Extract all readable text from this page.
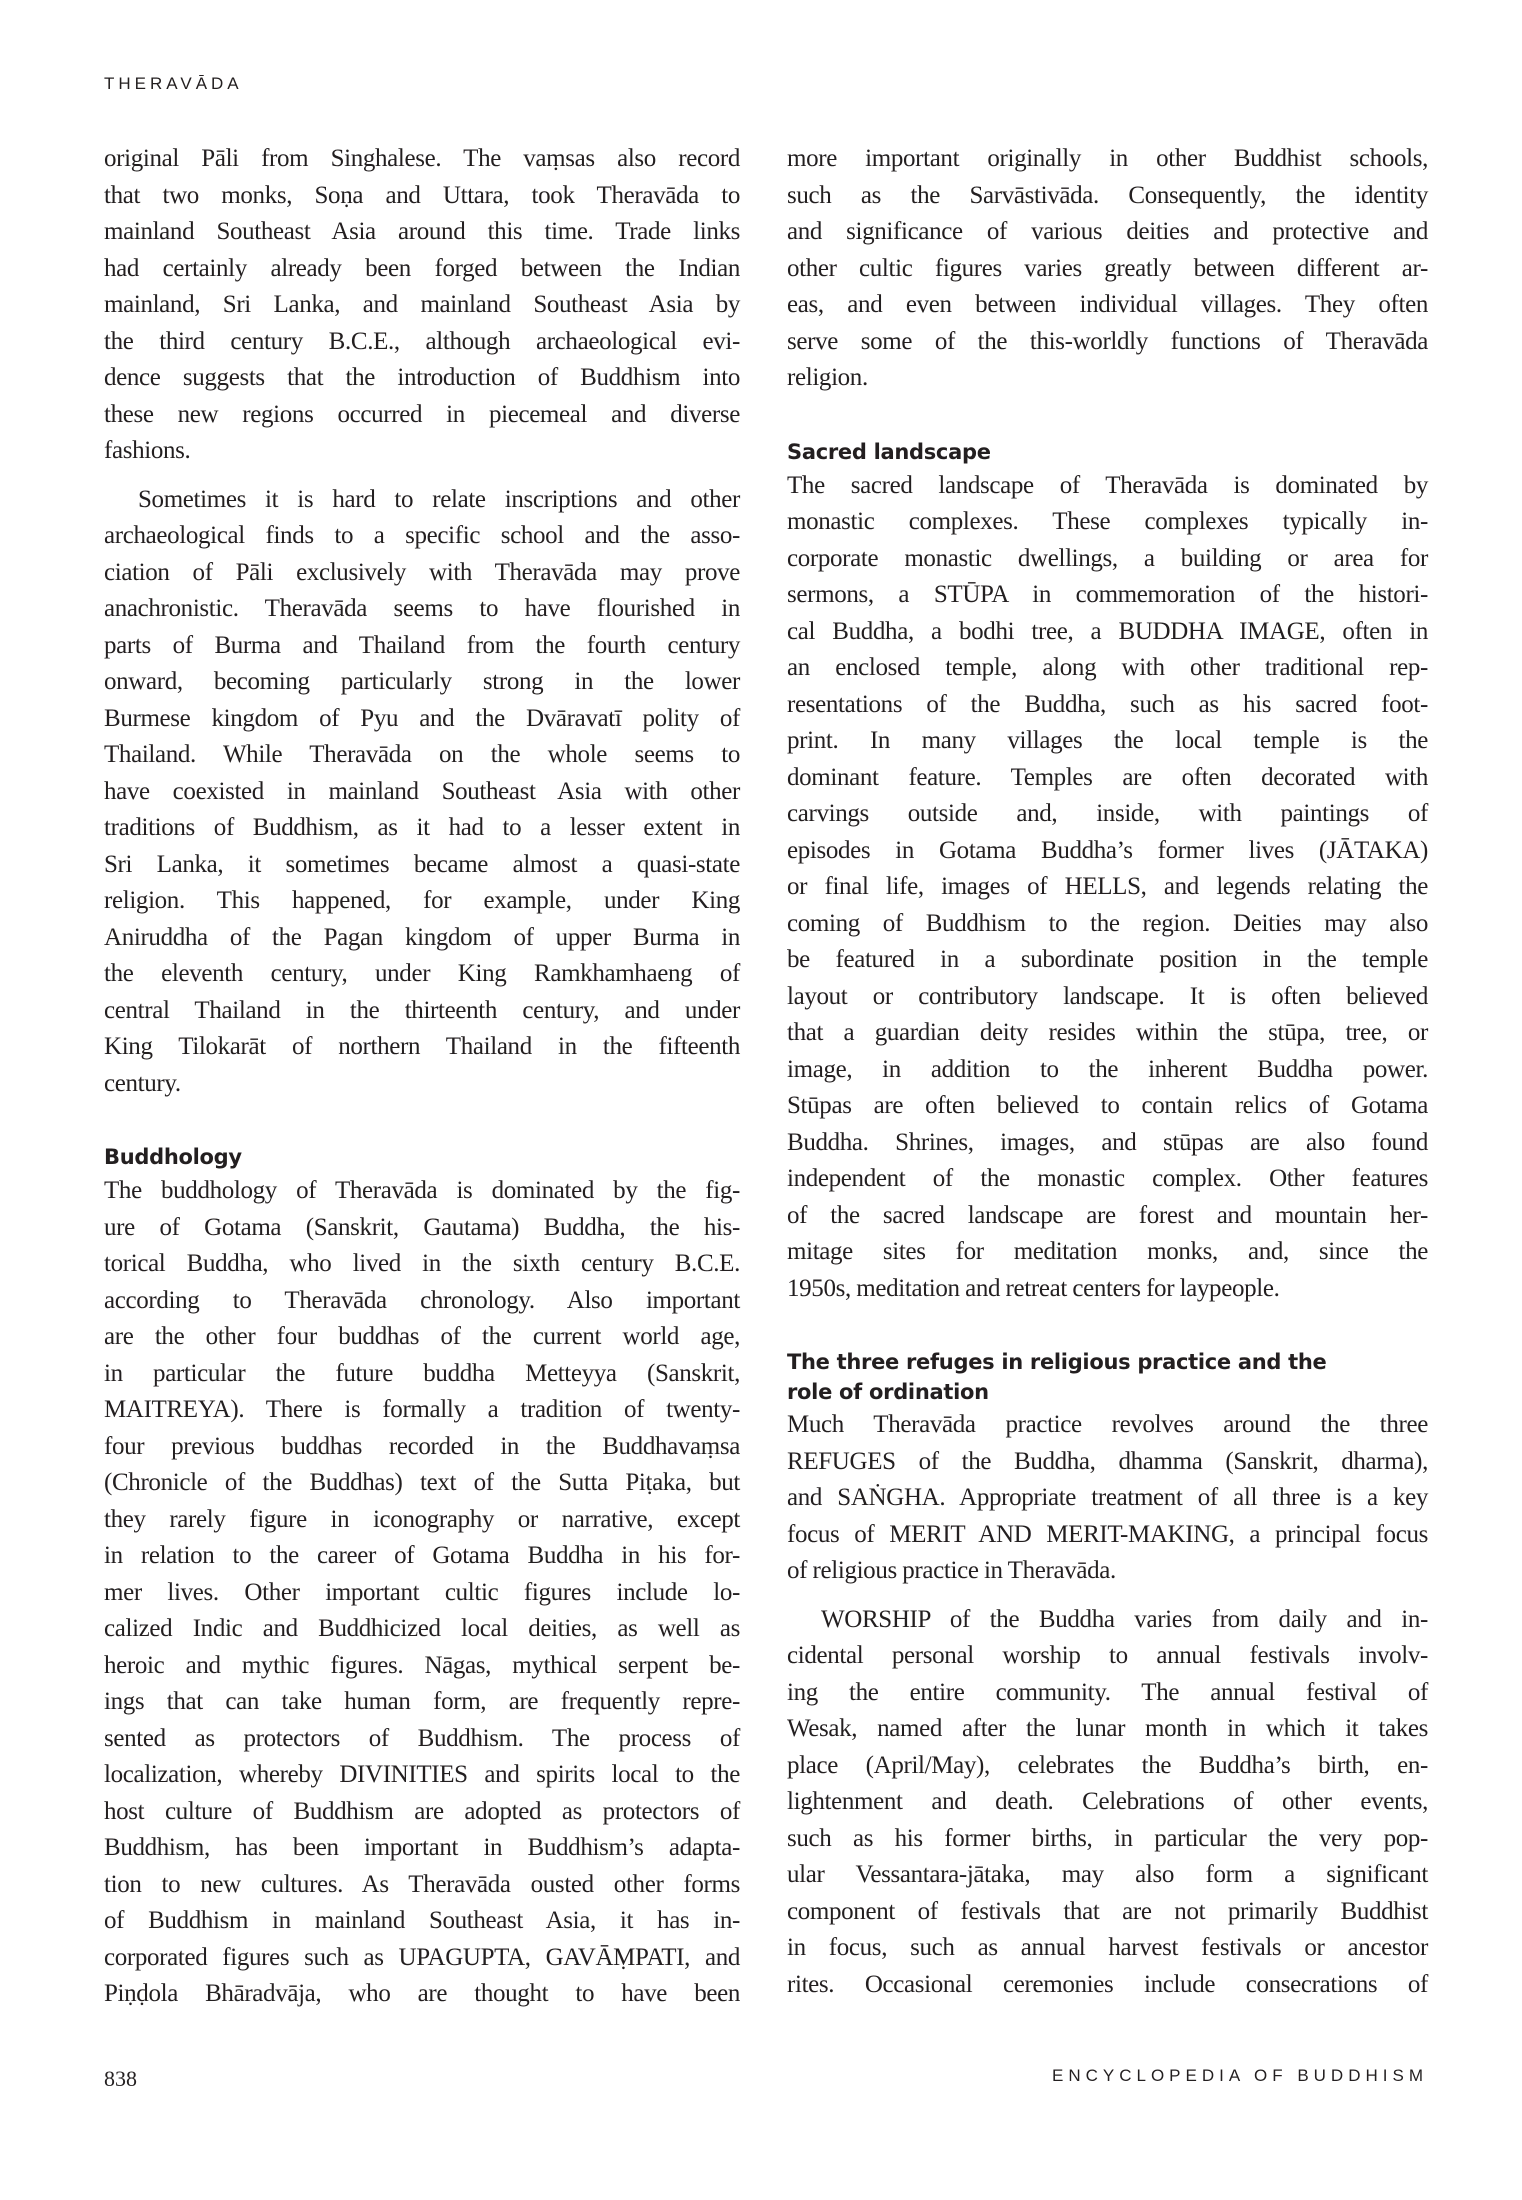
THERAVĀDA
original Pāli from Singhalese. The vaṃsas also record
that two monks, Soṇa and Uttara, took Theravāda to
mainland Southeast Asia around this time. Trade links
had certainly already been forged between the Indian
mainland, Sri Lanka, and mainland Southeast Asia by
the third century B.C.E., although archaeological evi-
dence suggests that the introduction of Buddhism into
these new regions occurred in piecemeal and diverse
fashions.
Sometimes it is hard to relate inscriptions and other
archaeological finds to a specific school and the asso-
ciation of Pāli exclusively with Theravāda may prove
anachronistic. Theravāda seems to have flourished in
parts of Burma and Thailand from the fourth century
onward, becoming particularly strong in the lower
Burmese kingdom of Pyu and the Dvāravatī polity of
Thailand. While Theravāda on the whole seems to
have coexisted in mainland Southeast Asia with other
traditions of Buddhism, as it had to a lesser extent in
Sri Lanka, it sometimes became almost a quasi-state
religion. This happened, for example, under King
Aniruddha of the Pagan kingdom of upper Burma in
the eleventh century, under King Ramkhamhaeng of
central Thailand in the thirteenth century, and under
King Tilokarāt of northern Thailand in the fifteenth
century.
Buddhology
The buddhology of Theravāda is dominated by the fig-
ure of Gotama (Sanskrit, Gautama) Buddha, the his-
torical Buddha, who lived in the sixth century B.C.E.
according to Theravāda chronology. Also important
are the other four buddhas of the current world age,
in particular the future buddha Metteyya (Sanskrit,
MAITREYA). There is formally a tradition of twenty-
four previous buddhas recorded in the Buddhavaṃsa
(Chronicle of the Buddhas) text of the Sutta Piṭaka, but
they rarely figure in iconography or narrative, except
in relation to the career of Gotama Buddha in his for-
mer lives. Other important cultic figures include lo-
calized Indic and Buddhicized local deities, as well as
heroic and mythic figures. Nāgas, mythical serpent be-
ings that can take human form, are frequently repre-
sented as protectors of Buddhism. The process of
localization, whereby DIVINITIES and spirits local to the
host culture of Buddhism are adopted as protectors of
Buddhism, has been important in Buddhism’s adapta-
tion to new cultures. As Theravāda ousted other forms
of Buddhism in mainland Southeast Asia, it has in-
corporated figures such as UPAGUPTA, GAVĀṂPATI, and
Piṇḍola Bhāradvāja, who are thought to have been
more important originally in other Buddhist schools,
such as the Sarvāstivāda. Consequently, the identity
and significance of various deities and protective and
other cultic figures varies greatly between different ar-
eas, and even between individual villages. They often
serve some of the this-worldly functions of Theravāda
religion.
Sacred landscape
The sacred landscape of Theravāda is dominated by
monastic complexes. These complexes typically in-
corporate monastic dwellings, a building or area for
sermons, a STŪPA in commemoration of the histori-
cal Buddha, a bodhi tree, a BUDDHA IMAGE, often in
an enclosed temple, along with other traditional rep-
resentations of the Buddha, such as his sacred foot-
print. In many villages the local temple is the
dominant feature. Temples are often decorated with
carvings outside and, inside, with paintings of
episodes in Gotama Buddha’s former lives (JĀTAKA)
or final life, images of HELLS, and legends relating the
coming of Buddhism to the region. Deities may also
be featured in a subordinate position in the temple
layout or contributory landscape. It is often believed
that a guardian deity resides within the stūpa, tree, or
image, in addition to the inherent Buddha power.
Stūpas are often believed to contain relics of Gotama
Buddha. Shrines, images, and stūpas are also found
independent of the monastic complex. Other features
of the sacred landscape are forest and mountain her-
mitage sites for meditation monks, and, since the
1950s, meditation and retreat centers for laypeople.
The three refuges in religious practice and the
role of ordination
Much Theravāda practice revolves around the three
REFUGES of the Buddha, dhamma (Sanskrit, dharma),
and SAṄGHA. Appropriate treatment of all three is a key
focus of MERIT AND MERIT-MAKING, a principal focus
of religious practice in Theravāda.
WORSHIP of the Buddha varies from daily and in-
cidental personal worship to annual festivals involv-
ing the entire community. The annual festival of
Wesak, named after the lunar month in which it takes
place (April/May), celebrates the Buddha’s birth, en-
lightenment and death. Celebrations of other events,
such as his former births, in particular the very pop-
ular Vessantara-jātaka, may also form a significant
component of festivals that are not primarily Buddhist
in focus, such as annual harvest festivals or ancestor
rites. Occasional ceremonies include consecrations of
838	ENCYCLOPEDIA OF BUDDHISM
